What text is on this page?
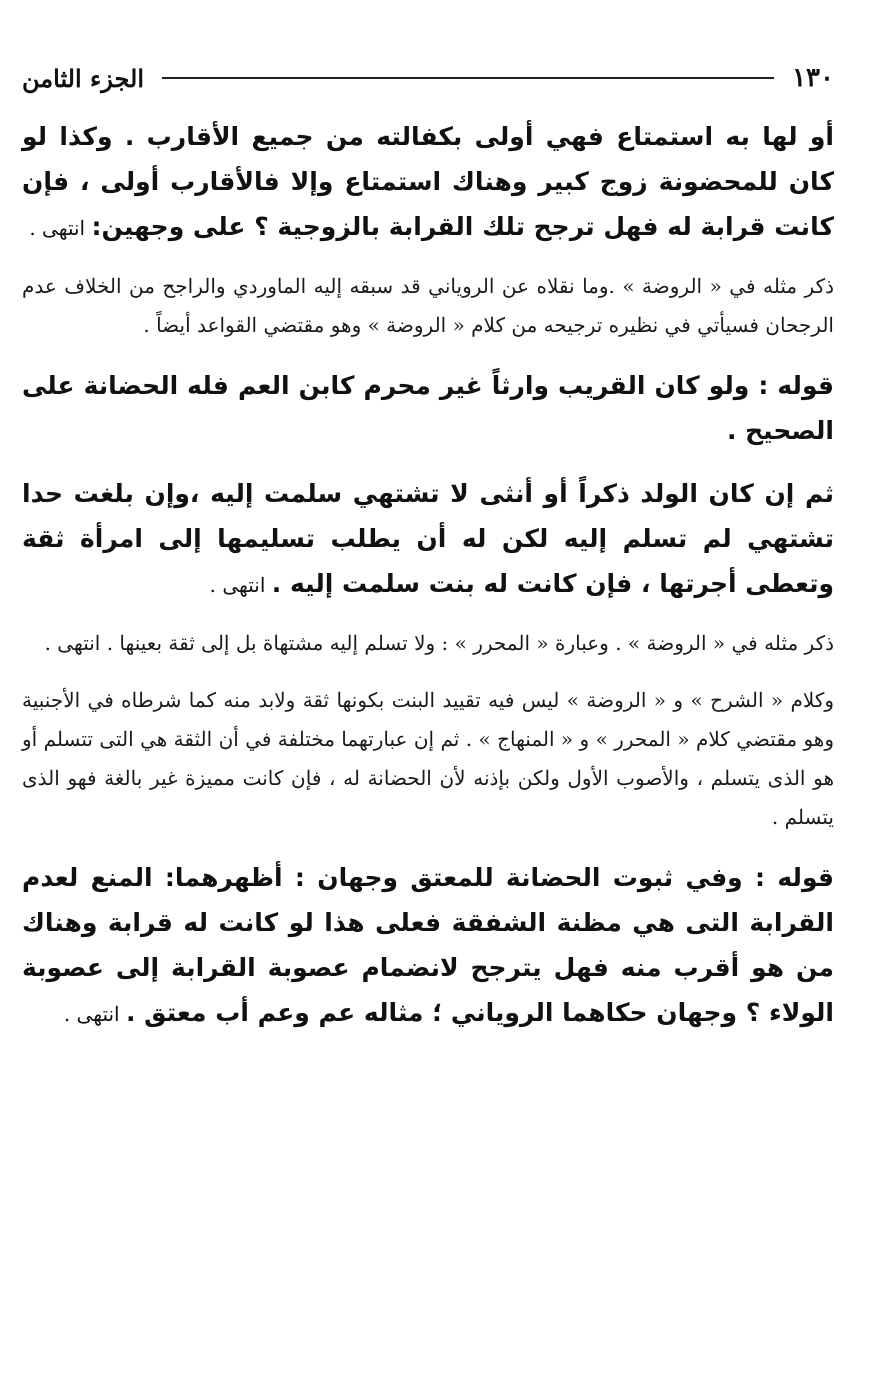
١٣٠
الجزء الثامن

أو لها به استمتاع فهي أولى بكفالته من جميع الأقارب . وكذا لو كان للمحضونة زوج كبير وهناك استمتاع وإلا فالأقارب أولى ، فإن كانت قرابة له فهل ترجح تلك القرابة بالزوجية ؟ على وجهين: انتهى .

ذكر مثله في « الروضة » .وما نقلاه عن الروياني قد سبقه إليه الماوردي والراجح من الخلاف عدم الرجحان فسيأتي في نظيره ترجيحه من كلام « الروضة » وهو مقتضي القواعد أيضاً .

قوله : ولو كان القريب وارثاً غير محرم كابن العم فله الحضانة على الصحيح .

ثم إن كان الولد ذكراً أو أنثى لا تشتهي سلمت إليه ،وإن بلغت حدا تشتهي لم تسلم إليه لكن له أن يطلب تسليمها إلى امرأة ثقة وتعطى أجرتها ، فإن كانت له بنت سلمت إليه . انتهى .

ذكر مثله في « الروضة » . وعبارة « المحرر » : ولا تسلم إليه مشتهاة بل إلى ثقة بعينها . انتهى .

وكلام « الشرح » و « الروضة » ليس فيه تقييد البنت بكونها ثقة ولابد منه كما شرطاه في الأجنبية وهو مقتضي كلام « المحرر » و « المنهاج » . ثم إن عبارتهما مختلفة في أن الثقة هي التى تتسلم أو هو الذى يتسلم ، والأصوب الأول ولكن بإذنه لأن الحضانة له ، فإن كانت مميزة غير بالغة فهو الذى يتسلم .

قوله : وفي ثبوت الحضانة للمعتق وجهان : أظهرهما: المنع لعدم القرابة التى هي مظنة الشفقة فعلى هذا لو كانت له قرابة وهناك من هو أقرب منه فهل يترجح لانضمام عصوبة القرابة إلى عصوبة الولاء ؟ وجهان حكاهما الروياني ؛ مثاله عم وعم أب معتق . انتهى .
